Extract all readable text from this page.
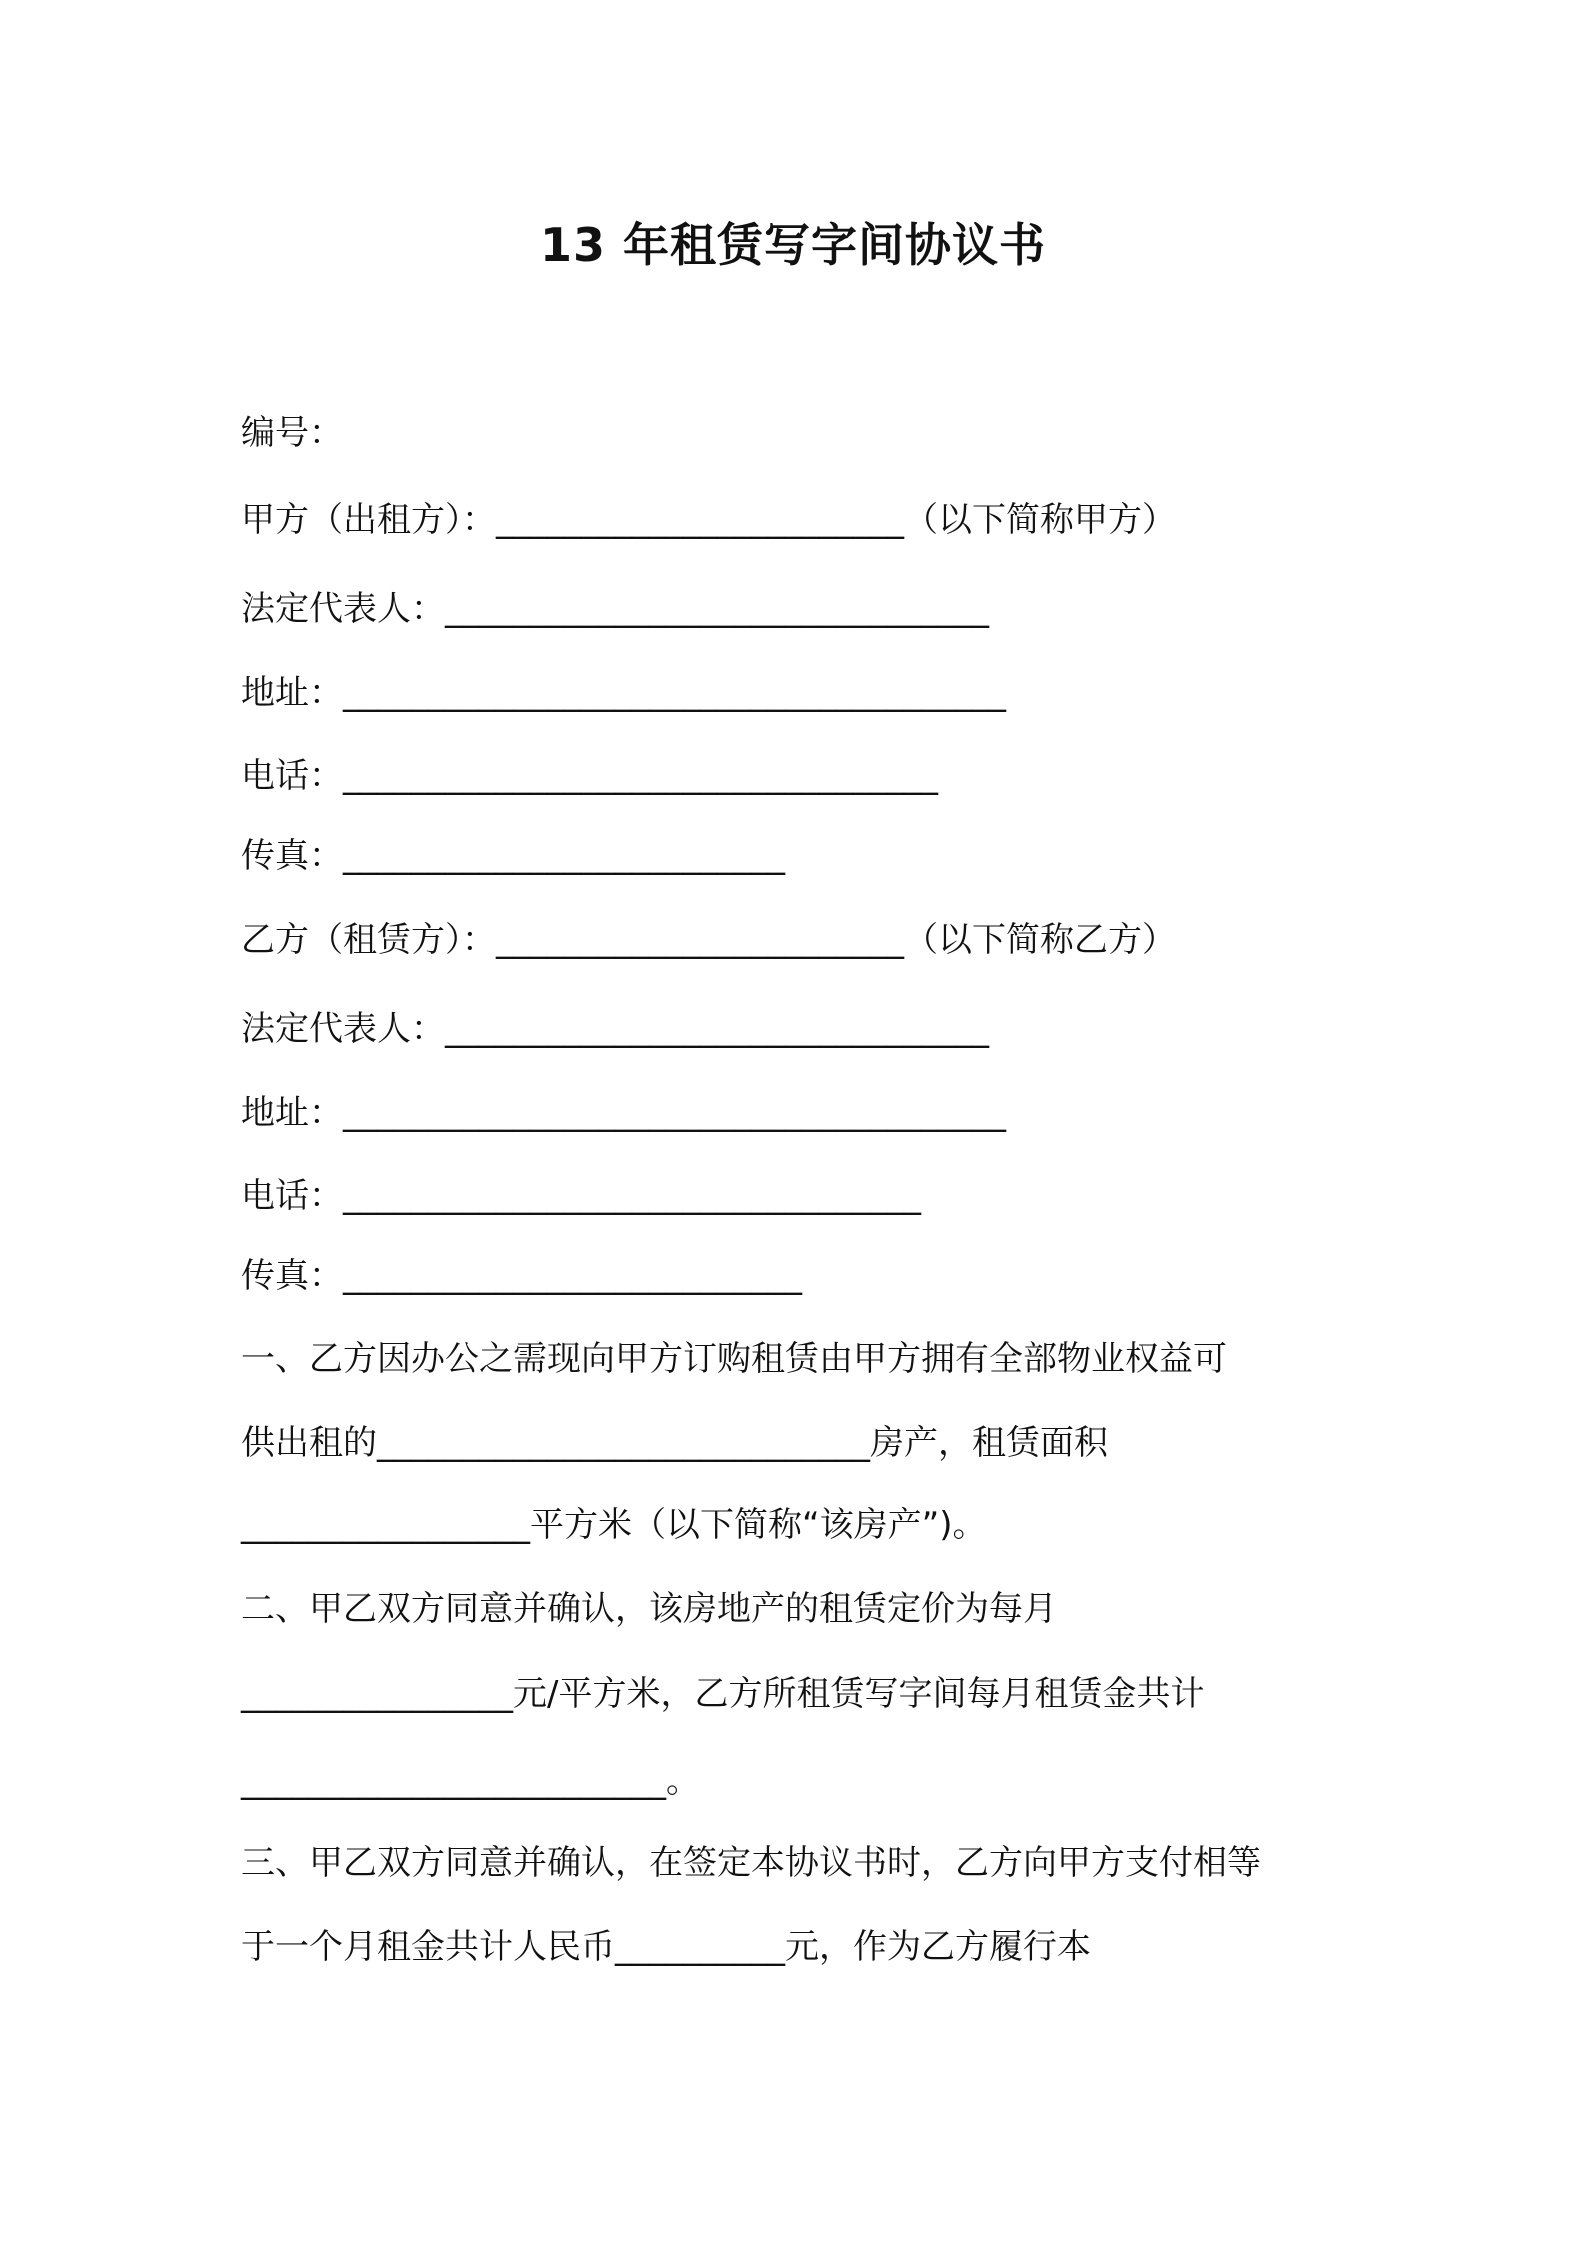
13 年租赁写字间协议书

编号：

甲方（出租方）：________________________（以下简称甲方）

法定代表人：________________________________

地址：_______________________________________

电话：___________________________________

传真：__________________________

乙方（租赁方）：________________________（以下简称乙方）

法定代表人：________________________________

地址：_______________________________________

电话：__________________________________

传真：___________________________

一、乙方因办公之需现向甲方订购租赁由甲方拥有全部物业权益可

供出租的_____________________________房产，租赁面积

_________________平方米（以下简称“该房产”)。

二、甲乙双方同意并确认，该房地产的租赁定价为每月

________________元/平方米，乙方所租赁写字间每月租赁金共计

_________________________。

三、甲乙双方同意并确认，在签定本协议书时，乙方向甲方支付相等

于一个月租金共计人民币__________元，作为乙方履行本
